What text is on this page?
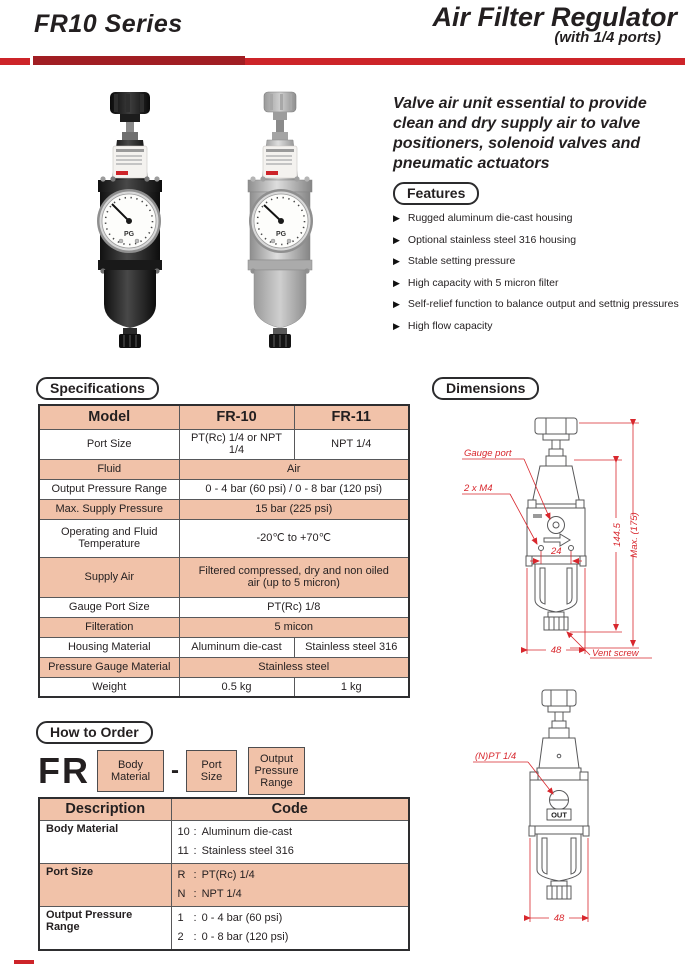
FR10 Series	Air Filter Regulator
(with 1/4 ports)
PG	PG
Valve air unit essential to provide clean and dry supply air to valve positioners, solenoid valves and pneumatic actuators
Features
▶ Rugged aluminum die-cast housing
▶ Optional stainless steel 316 housing
▶ Stable setting pressure
▶ High capacity with 5 micron filter
▶ Self-relief function to balance output and settnig pressures
▶ High flow capacity
Specifications
Model	FR-10	FR-11
Port Size	PT(Rc) 1/4 or NPT 1/4	NPT 1/4
Fluid	Air	
Output Pressure Range	0 - 4 bar (60 psi) / 0 - 8 bar (120 psi)	
Max. Supply Pressure	15 bar (225 psi)	
Operating and Fluid Temperature	-20℃ to +70℃	
Supply Air	Filtered compressed, dry and non oiled air (up to 5 micron)	
Gauge Port Size	PT(Rc) 1/8	
Filteration	5 micon	
Housing Material	Aluminum die-cast	Stainless steel 316
Pressure Gauge Material	Stainless steel	
Weight	0.5 kg	1 kg
How to Order
FR	Body Material -	Port Size
Output Pressure Range
Description	Code
Body Material	10 : Aluminum die-cast
11 : Stainless steel 316

Port Size	R : PT(Rc) 1/4
N : NPT 1/4

Output Pressure Range	
1 : 0 - 4 bar (60 psi)
2 : 0 - 8 bar (120 psi)
Dimensions
Gauge port
2 x M4
24
144.5 Max. (175)
48	Vent screw
OUT
(N)PT 1/4
48
